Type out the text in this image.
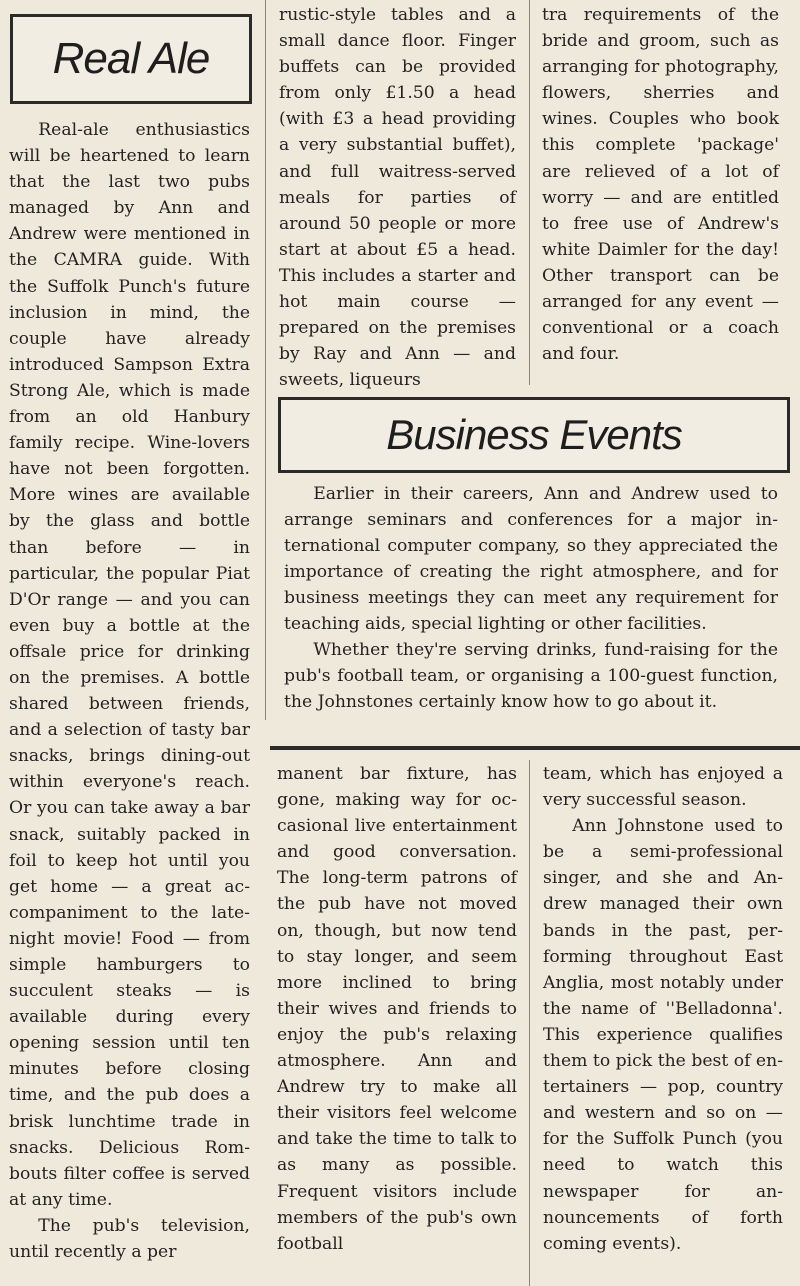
Real Ale

Real-ale enthusiastics will be heartened to learn that the last two pubs managed by Ann and Andrew were mentioned in the CAMRA guide. With the Suffolk Punch's future inclusion in mind, the couple have already introduced Sampson Extra Strong Ale, which is made from an old Hanbury family recipe. Wine-lovers have not been forgotten. More wines are available by the glass and bottle than before — in particular, the popular Piat D'Or range — and you can even buy a bottle at the offsale price for drinking on the premises. A bottle shared between friends, and a selection of tasty bar snacks, brings dining-out within everyone's reach. Or you can take away a bar snack, suitably packed in foil to keep hot until you get home — a great accompaniment to the late-night movie! Food — from simple hamburgers to succulent steaks — is available during every opening session until ten minutes before closing time, and the pub does a brisk lunchtime trade in snacks. Delicious Rombouts filter coffee is served at any time.

The pub's television, until recently a per

rustic-style tables and a small dance floor. Finger buffets can be provided from only £1.50 a head (with £3 a head providing a very substantial buffet), and full waitress-served meals for parties of around 50 people or more start at about £5 a head. This includes a starter and hot main course — prepared on the premises by Ray and Ann — and sweets, liqueurs

tra requirements of the bride and groom, such as arranging for photography, flowers, sherries and wines. Couples who book this complete 'package' are relieved of a lot of worry — and are entitled to free use of Andrew's white Daimler for the day! Other transport can be arranged for any event — conventional or a coach and four.

Business Events

Earlier in their careers, Ann and Andrew used to arrange seminars and conferences for a major international computer company, so they appreciated the importance of creating the right atmosphere, and for business meetings they can meet any requirement for teaching aids, special lighting or other facilities.

Whether they're serving drinks, fund-raising for the pub's football team, or organising a 100-guest function, the Johnstones certainly know how to go about it.

manent bar fixture, has gone, making way for occasional live entertainment and good conversation. The long-term patrons of the pub have not moved on, though, but now tend to stay longer, and seem more inclined to bring their wives and friends to enjoy the pub's relaxing atmosphere. Ann and Andrew try to make all their visitors feel welcome and take the time to talk to as many as possible. Frequent visitors include members of the pub's own football

team, which has enjoyed a very successful season.

Ann Johnstone used to be a semi-professional singer, and she and Andrew managed their own bands in the past, performing throughout East Anglia, most notably under the name of ''Belladonna'. This experience qualifies them to pick the best of entertainers — pop, country and western and so on — for the Suffolk Punch (you need to watch this newspaper for announcements of forth coming events).
